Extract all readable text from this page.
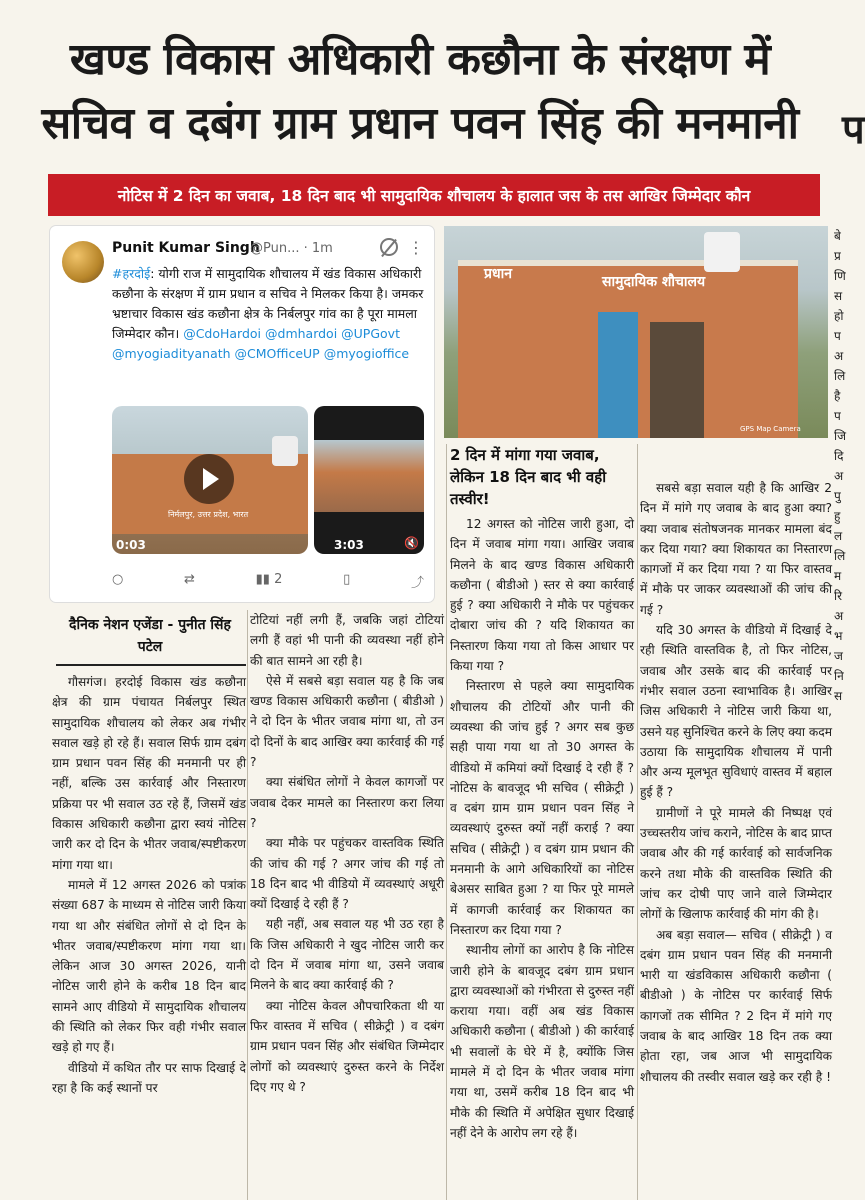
खण्ड विकास अधिकारी कछौना के संरक्षण में
सचिव व दबंग ग्राम प्रधान पवन सिंह की मनमानी प
नोटिस में 2 दिन का जवाब, 18 दिन बाद भी सामुदायिक शौचालय के हालात जस के तस आखिर जिम्मेदार कौन
Punit Kumar Singh
@Pun... · 1m	⋮
#हरदोई: योगी राज में सामुदायिक शौचालय में खंड विकास अधिकारी कछौना के संरक्षण में ग्राम प्रधान व सचिव ने मिलकर किया है। जमकर भ्रष्टाचार विकास खंड कछौना क्षेत्र के निर्बलपुर गांव का है पूरा मामला जिम्मेदार कौन। @CdoHardoi @dmhardoi @UPGovt @myogiadityanath @CMOfficeUP @myogioffice
निर्मलपुर, उत्तर प्रदेश, भारत
0:03	3:03	🔇
○	⇄	▮▮ 2	▯	⤴
प्रधान	सामुदायिक शौचालय
GPS Map Camera
बे
प्र
णि
स
हो
प
अ
लि
है
प
जि
दि
अ
पु
हु
ल
लि
म
रि
अ
भ
ज
नि
स
2 दिन में मांगा गया जवाब, लेकिन 18 दिन बाद भी वही तस्वीर!
दैनिक नेशन एजेंडा - पुनीत सिंह पटेल

गौसगंज। हरदोई विकास खंड कछौना क्षेत्र की ग्राम पंचायत निर्बलपुर स्थित सामुदायिक शौचालय को लेकर अब गंभीर सवाल खड़े हो रहे हैं। सवाल सिर्फ ग्राम दबंग ग्राम प्रधान पवन सिंह की मनमानी पर ही नहीं, बल्कि उस कार्रवाई और निस्तारण प्रक्रिया पर भी सवाल उठ रहे हैं, जिसमें खंड विकास अधिकारी कछौना द्वारा स्वयं नोटिस जारी कर दो दिन के भीतर जवाब/स्पष्टीकरण मांगा गया था।

मामले में 12 अगस्त 2026 को पत्रांक संख्या 687 के माध्यम से नोटिस जारी किया गया था और संबंधित लोगों से दो दिन के भीतर जवाब/स्पष्टीकरण मांगा गया था। लेकिन आज 30 अगस्त 2026, यानी नोटिस जारी होने के करीब 18 दिन बाद सामने आए वीडियो में सामुदायिक शौचालय की स्थिति को लेकर फिर वही गंभीर सवाल खड़े हो गए हैं।

वीडियो में कथित तौर पर साफ दिखाई दे रहा है कि कई स्थानों पर

टोटियां नहीं लगी हैं, जबकि जहां टोटियां लगी हैं वहां भी पानी की व्यवस्था नहीं होने की बात सामने आ रही है।

ऐसे में सबसे बड़ा सवाल यह है कि जब खण्ड विकास अधिकारी कछौना ( बीडीओ ) ने दो दिन के भीतर जवाब मांगा था, तो उन दो दिनों के बाद आखिर क्या कार्रवाई की गई ?

क्या संबंधित लोगों ने केवल कागजों पर जवाब देकर मामले का निस्तारण करा लिया ?

क्या मौके पर पहुंचकर वास्तविक स्थिति की जांच की गई ? अगर जांच की गई तो 18 दिन बाद भी वीडियो में व्यवस्थाएं अधूरी क्यों दिखाई दे रही हैं ?

यही नहीं, अब सवाल यह भी उठ रहा है कि जिस अधिकारी ने खुद नोटिस जारी कर दो दिन में जवाब मांगा था, उसने जवाब मिलने के बाद क्या कार्रवाई की ?

क्या नोटिस केवल औपचारिकता थी या फिर वास्तव में सचिव ( सीक्रेट्री ) व दबंग ग्राम प्रधान पवन सिंह और संबंधित जिम्मेदार लोगों को व्यवस्थाएं दुरुस्त करने के निर्देश दिए गए थे ?

12 अगस्त को नोटिस जारी हुआ, दो दिन में जवाब मांगा गया। आखिर जवाब मिलने के बाद खण्ड विकास अधिकारी कछौना ( बीडीओ ) स्तर से क्या कार्रवाई हुई ? क्या अधिकारी ने मौके पर पहुंचकर दोबारा जांच की ? यदि शिकायत का निस्तारण किया गया तो किस आधार पर किया गया ?

निस्तारण से पहले क्या सामुदायिक शौचालय की टोटियों और पानी की व्यवस्था की जांच हुई ? अगर सब कुछ सही पाया गया था तो 30 अगस्त के वीडियो में कमियां क्यों दिखाई दे रही हैं ? नोटिस के बावजूद भी सचिव ( सीक्रेट्री ) व दबंग ग्राम ग्राम प्रधान पवन सिंह ने व्यवस्थाएं दुरुस्त क्यों नहीं कराई ? क्या सचिव ( सीक्रेट्री ) व दबंग ग्राम प्रधान की मनमानी के आगे अधिकारियों का नोटिस बेअसर साबित हुआ ? या फिर पूरे मामले में कागजी कार्रवाई कर शिकायत का निस्तारण कर दिया गया ?

स्थानीय लोगों का आरोप है कि नोटिस जारी होने के बावजूद दबंग ग्राम प्रधान द्वारा व्यवस्थाओं को गंभीरता से दुरुस्त नहीं कराया गया। वहीं अब खंड विकास अधिकारी कछौना ( बीडीओ ) की कार्रवाई भी सवालों के घेरे में है, क्योंकि जिस मामले में दो दिन के भीतर जवाब मांगा गया था, उसमें करीब 18 दिन बाद भी मौके की स्थिति में अपेक्षित सुधार दिखाई नहीं देने के आरोप लग रहे हैं।

सबसे बड़ा सवाल यही है कि आखिर 2 दिन में मांगे गए जवाब के बाद हुआ क्या? क्या जवाब संतोषजनक मानकर मामला बंद कर दिया गया? क्या शिकायत का निस्तारण कागजों में कर दिया गया ? या फिर वास्तव में मौके पर जाकर व्यवस्थाओं की जांच की गई ?

यदि 30 अगस्त के वीडियो में दिखाई दे रही स्थिति वास्तविक है, तो फिर नोटिस, जवाब और उसके बाद की कार्रवाई पर गंभीर सवाल उठना स्वाभाविक है। आखिर जिस अधिकारी ने नोटिस जारी किया था, उसने यह सुनिश्चित करने के लिए क्या कदम उठाया कि सामुदायिक शौचालय में पानी और अन्य मूलभूत सुविधाएं वास्तव में बहाल हुई हैं ?

ग्रामीणों ने पूरे मामले की निष्पक्ष एवं उच्चस्तरीय जांच कराने, नोटिस के बाद प्राप्त जवाब और की गई कार्रवाई को सार्वजनिक करने तथा मौके की वास्तविक स्थिति की जांच कर दोषी पाए जाने वाले जिम्मेदार लोगों के खिलाफ कार्रवाई की मांग की है।

अब बड़ा सवाल— सचिव ( सीक्रेट्री ) व दबंग ग्राम प्रधान पवन सिंह की मनमानी भारी या खंडविकास अधिकारी कछौना ( बीडीओ ) के नोटिस पर कार्रवाई सिर्फ कागजों तक सीमित ? 2 दिन में मांगे गए जवाब के बाद आखिर 18 दिन तक क्या होता रहा, जब आज भी सामुदायिक शौचालय की तस्वीर सवाल खड़े कर रही है !
